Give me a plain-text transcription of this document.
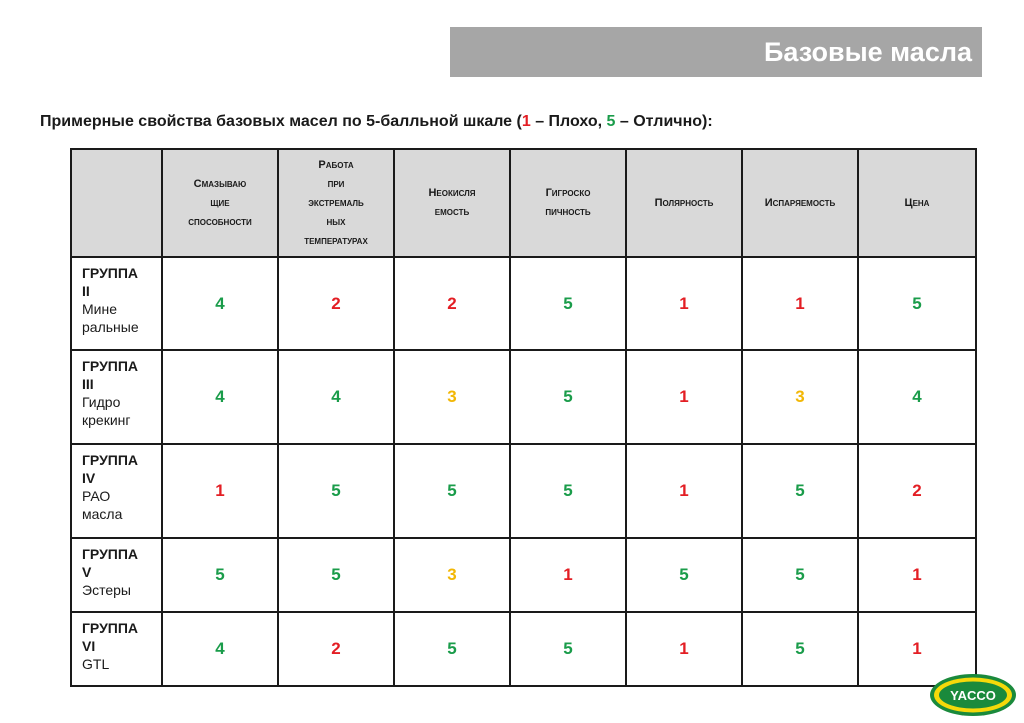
Базовые масла
Примерные свойства базовых масел по 5-балльной шкале (1 – Плохо, 5 – Отлично):

	Смазываю
щие
способности	Работа
при
экстремаль
ных
температурах	Неокисля
емость	Гигроско
пичность	Полярность	Испаряемость	Цена

ГРУППА
II
Мине
ральные	4	2	2	5	1	1	5

ГРУППА
III
Гидро
крекинг	4	4	3	5	1	3	4

ГРУППА
IV
РАО
масла	1	5	5	5	1	5	2

ГРУППА
V
Эстеры	5	5	3	1	5	5	1

ГРУППА
VI
GTL	4	2	5	5	1	5	1
YACCO
